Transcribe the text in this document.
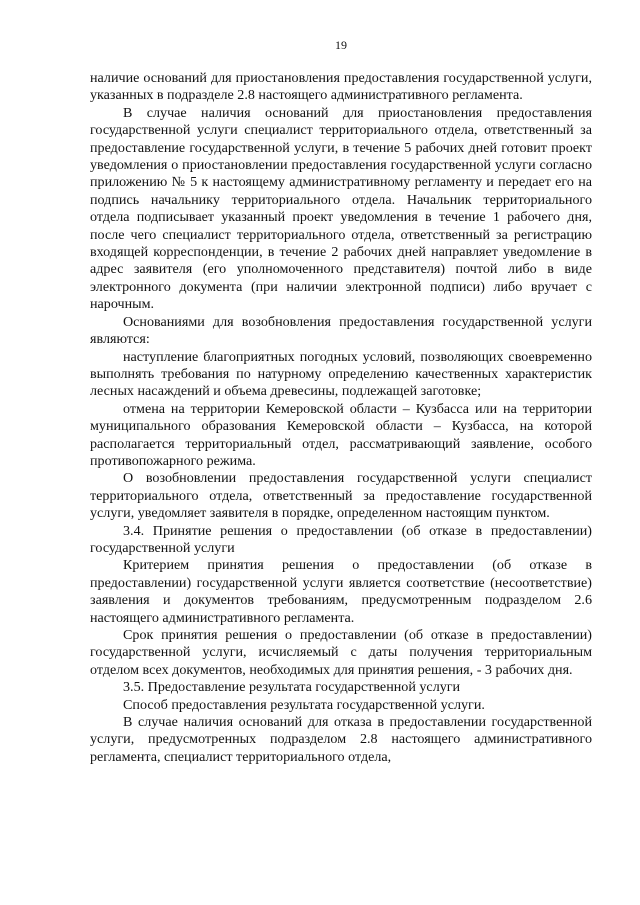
19

наличие оснований для приостановления предоставления государственной услуги, указанных в подразделе 2.8 настоящего административного регламента.

В случае наличия оснований для приостановления предоставления государственной услуги специалист территориального отдела, ответственный за предоставление государственной услуги, в течение 5 рабочих дней готовит проект уведомления о приостановлении предоставления государственной услуги согласно приложению № 5 к настоящему административному регламенту и передает его на подпись начальнику территориального отдела. Начальник территориального отдела подписывает указанный проект уведомления в течение 1 рабочего дня, после чего специалист территориального отдела, ответственный за регистрацию входящей корреспонденции, в течение 2 рабочих дней направляет уведомление в адрес заявителя (его уполномоченного представителя) почтой либо в виде электронного документа (при наличии электронной подписи) либо вручает с нарочным.

Основаниями для возобновления предоставления государственной услуги являются:

наступление благоприятных погодных условий, позволяющих своевременно выполнять требования по натурному определению качественных характеристик лесных насаждений и объема древесины, подлежащей заготовке;

отмена на территории Кемеровской области – Кузбасса или на территории муниципального образования Кемеровской области – Кузбасса, на которой располагается территориальный отдел, рассматривающий заявление, особого противопожарного режима.

О возобновлении предоставления государственной услуги специалист территориального отдела, ответственный за предоставление государственной услуги, уведомляет заявителя в порядке, определенном настоящим пунктом.

3.4. Принятие решения о предоставлении (об отказе в предоставлении) государственной услуги

Критерием принятия решения о предоставлении (об отказе в предоставлении) государственной услуги является соответствие (несоответствие) заявления и документов требованиям, предусмотренным подразделом 2.6 настоящего административного регламента.

Срок принятия решения о предоставлении (об отказе в предоставлении) государственной услуги, исчисляемый с даты получения территориальным отделом всех документов, необходимых для принятия решения, - 3 рабочих дня.

3.5. Предоставление результата государственной услуги

Способ предоставления результата государственной услуги.

В случае наличия оснований для отказа в предоставлении государственной услуги, предусмотренных подразделом 2.8 настоящего административного регламента, специалист территориального отдела,
